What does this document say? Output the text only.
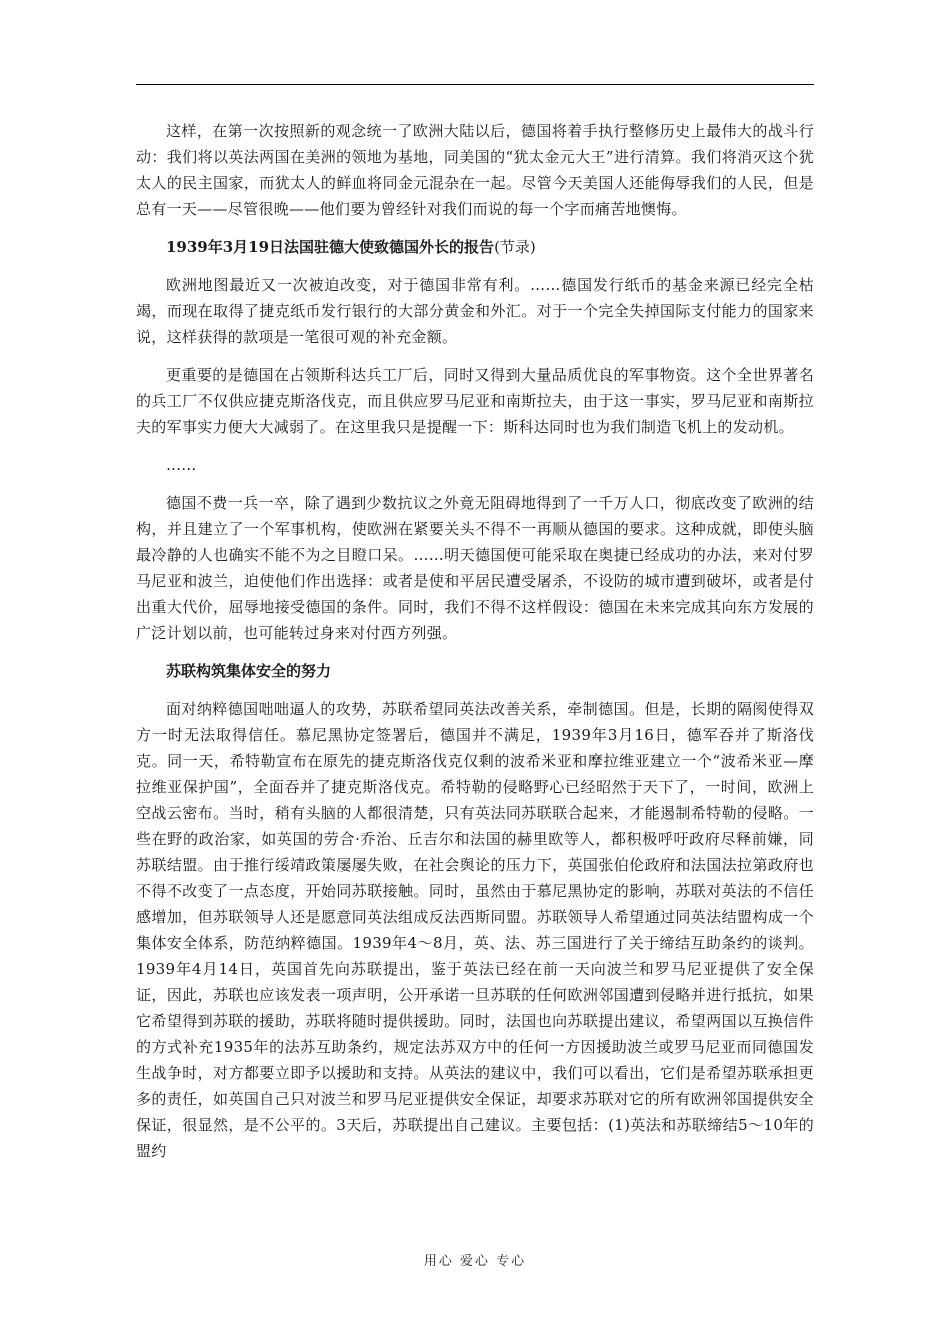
这样，在第一次按照新的观念统一了欧洲大陆以后，德国将着手执行整修历史上最伟大的战斗行动：我们将以英法两国在美洲的领地为基地，同美国的“犹太金元大王”进行清算。我们将消灭这个犹太人的民主国家，而犹太人的鲜血将同金元混杂在一起。尽管今天美国人还能侮辱我们的人民，但是总有一天——尽管很晚——他们要为曾经针对我们而说的每一个字而痛苦地懊悔。

1939年3月19日法国驻德大使致德国外长的报告(节录)

欧洲地图最近又一次被迫改变，对于德国非常有利。……德国发行纸币的基金来源已经完全枯竭，而现在取得了捷克纸币发行银行的大部分黄金和外汇。对于一个完全失掉国际支付能力的国家来说，这样获得的款项是一笔很可观的补充金额。

更重要的是德国在占领斯科达兵工厂后，同时又得到大量品质优良的军事物资。这个全世界著名的兵工厂不仅供应捷克斯洛伐克，而且供应罗马尼亚和南斯拉夫，由于这一事实，罗马尼亚和南斯拉夫的军事实力便大大减弱了。在这里我只是提醒一下：斯科达同时也为我们制造飞机上的发动机。

……

德国不费一兵一卒，除了遇到少数抗议之外竟无阻碍地得到了一千万人口，彻底改变了欧洲的结构，并且建立了一个军事机构，使欧洲在紧要关头不得不一再顺从德国的要求。这种成就，即使头脑最冷静的人也确实不能不为之目瞪口呆。……明天德国便可能采取在奥捷已经成功的办法，来对付罗马尼亚和波兰，迫使他们作出选择：或者是使和平居民遭受屠杀，不设防的城市遭到破坏，或者是付出重大代价，屈辱地接受德国的条件。同时，我们不得不这样假设：德国在未来完成其向东方发展的广泛计划以前，也可能转过身来对付西方列强。

苏联构筑集体安全的努力

面对纳粹德国咄咄逼人的攻势，苏联希望同英法改善关系，牵制德国。但是，长期的隔阂使得双方一时无法取得信任。慕尼黑协定签署后，德国并不满足，1939年3月16日，德军吞并了斯洛伐克。同一天，希特勒宣布在原先的捷克斯洛伐克仅剩的波希米亚和摩拉维亚建立一个“波希米亚—摩拉维亚保护国”，全面吞并了捷克斯洛伐克。希特勒的侵略野心已经昭然于天下了，一时间，欧洲上空战云密布。当时，稍有头脑的人都很清楚，只有英法同苏联联合起来，才能遏制希特勒的侵略。一些在野的政治家，如英国的劳合·乔治、丘吉尔和法国的赫里欧等人，都积极呼吁政府尽释前嫌，同苏联结盟。由于推行绥靖政策屡屡失败，在社会舆论的压力下，英国张伯伦政府和法国法拉第政府也不得不改变了一点态度，开始同苏联接触。同时，虽然由于慕尼黑协定的影响，苏联对英法的不信任感增加，但苏联领导人还是愿意同英法组成反法西斯同盟。苏联领导人希望通过同英法结盟构成一个集体安全体系，防范纳粹德国。1939年4～8月，英、法、苏三国进行了关于缔结互助条约的谈判。1939年4月14日，英国首先向苏联提出，鉴于英法已经在前一天向波兰和罗马尼亚提供了安全保证，因此，苏联也应该发表一项声明，公开承诺一旦苏联的任何欧洲邻国遭到侵略并进行抵抗，如果它希望得到苏联的援助，苏联将随时提供援助。同时，法国也向苏联提出建议，希望两国以互换信件的方式补充1935年的法苏互助条约，规定法苏双方中的任何一方因援助波兰或罗马尼亚而同德国发生战争时，对方都要立即予以援助和支持。从英法的建议中，我们可以看出，它们是希望苏联承担更多的责任，如英国自己只对波兰和罗马尼亚提供安全保证，却要求苏联对它的所有欧洲邻国提供安全保证，很显然，是不公平的。3天后，苏联提出自己建议。主要包括：(1)英法和苏联缔结5～10年的盟约

用心 爱心 专心
